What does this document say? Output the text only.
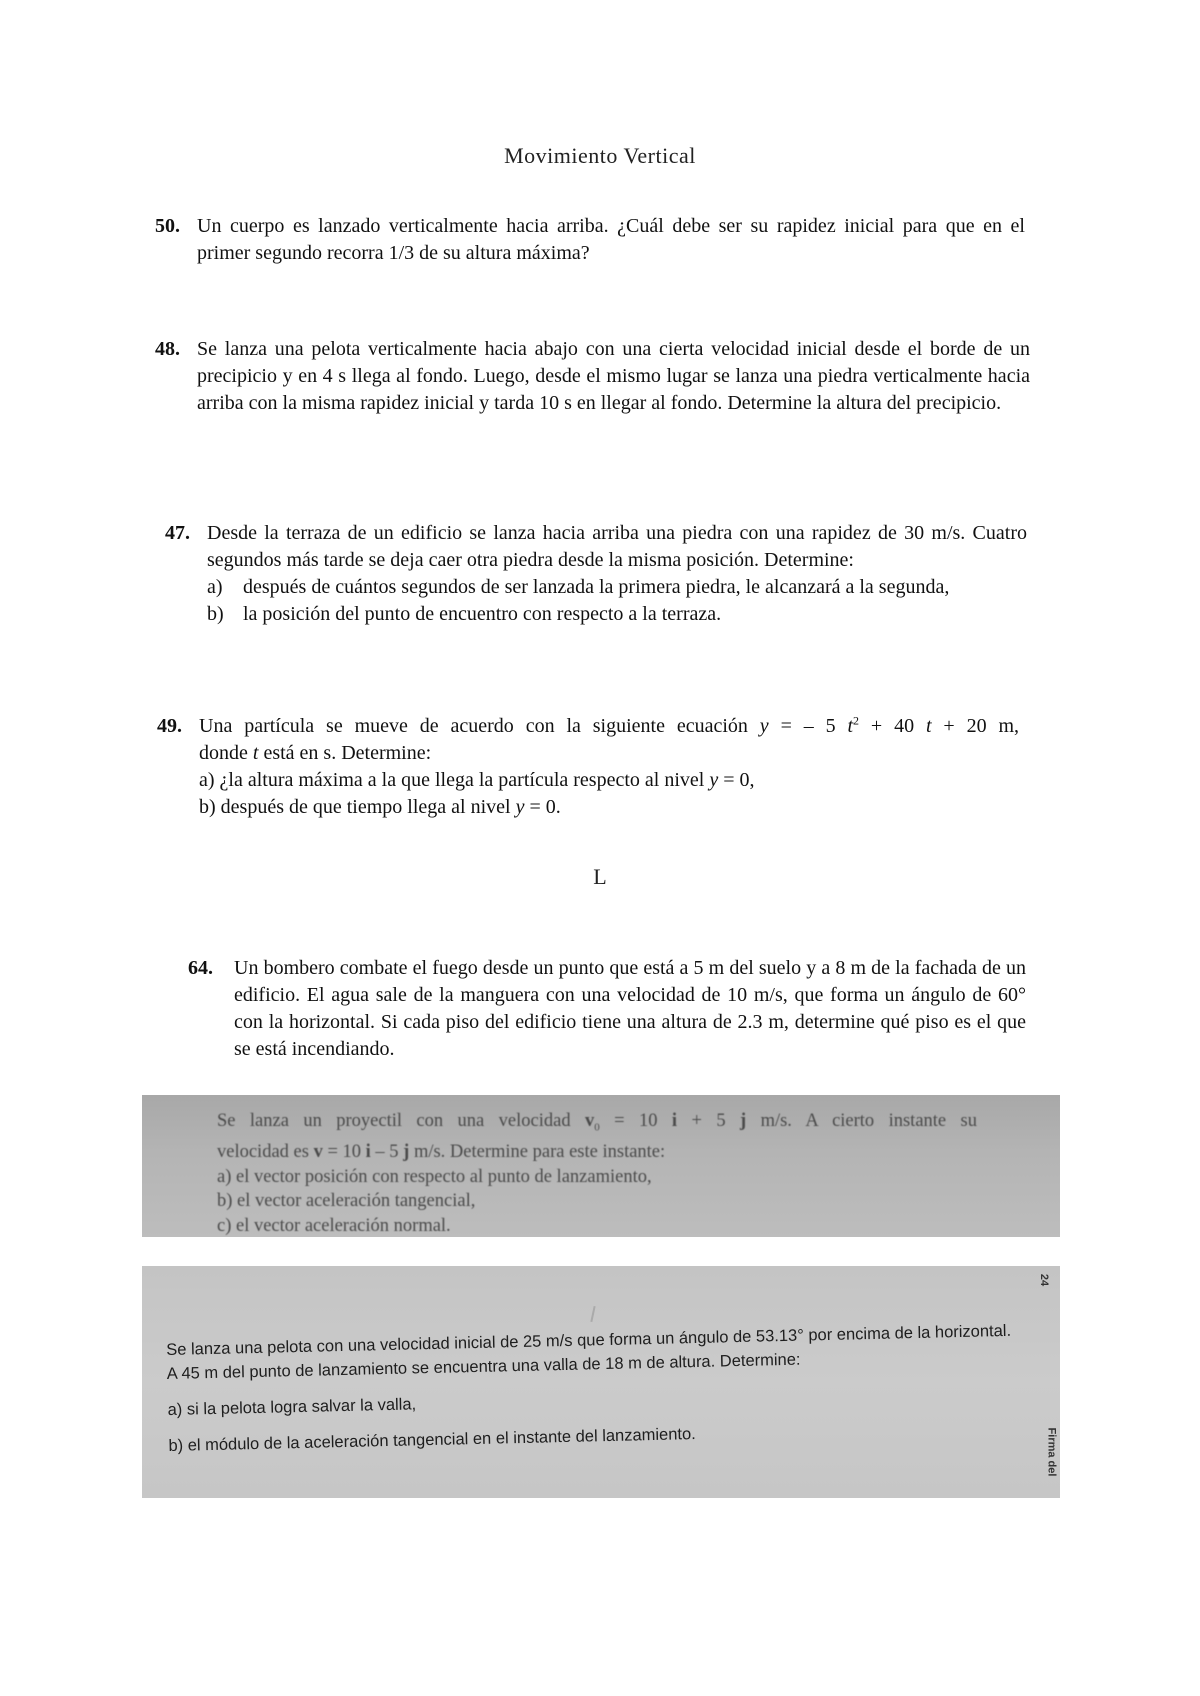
Movimiento Vertical
50. Un cuerpo es lanzado verticalmente hacia arriba. ¿Cuál debe ser su rapidez inicial para que en el primer segundo recorra 1/3 de su altura máxima?
48. Se lanza una pelota verticalmente hacia abajo con una cierta velocidad inicial desde el borde de un precipicio y en 4 s llega al fondo. Luego, desde el mismo lugar se lanza una piedra verticalmente hacia arriba con la misma rapidez inicial y tarda 10 s en llegar al fondo. Determine la altura del precipicio.
47. Desde la terraza de un edificio se lanza hacia arriba una piedra con una rapidez de 30 m/s. Cuatro segundos más tarde se deja caer otra piedra desde la misma posición. Determine:
a)	después de cuántos segundos de ser lanzada la primera piedra, le alcanzará a la segunda,
b) la posición del punto de encuentro con respecto a la terraza.
49. Una partícula se mueve de acuerdo con la siguiente ecuación y = – 5 $t^2 + 40$ t + 20 m,
donde t está en s. Determine:
a) ¿la altura máxima a la que llega la partícula respecto al nivel y = 0,
b) después de que tiempo llega al nivel y = 0.
L
64. Un bombero combate el fuego desde un punto que está a 5 m del suelo y a 8 m de la fachada de un edificio. El agua sale de la manguera con una velocidad de 10 m/s, que forma un ángulo de 60° con la horizontal. Si cada piso del edificio tiene una altura de 2.3 m, determine qué piso es el que se está incendiando.
Se lanza un proyectil con una velocidad $v_0 = 10$ i + 5 j m/s. A cierto instante su
velocidad es v = 10 i – 5 j m/s. Determine para este instante:
a) el vector posición con respecto al punto de lanzamiento,
b) el vector aceleración tangencial,
c) el vector aceleración normal.
24
Firma del
Se lanza una pelota con una velocidad inicial de 25 m/s que forma un ángulo de 53.13° por encima de la horizontal.
A 45 m del punto de lanzamiento se encuentra una valla de 18 m de altura. Determine:
a) si la pelota logra salvar la valla,
b) el módulo de la aceleración tangencial en el instante del lanzamiento.
